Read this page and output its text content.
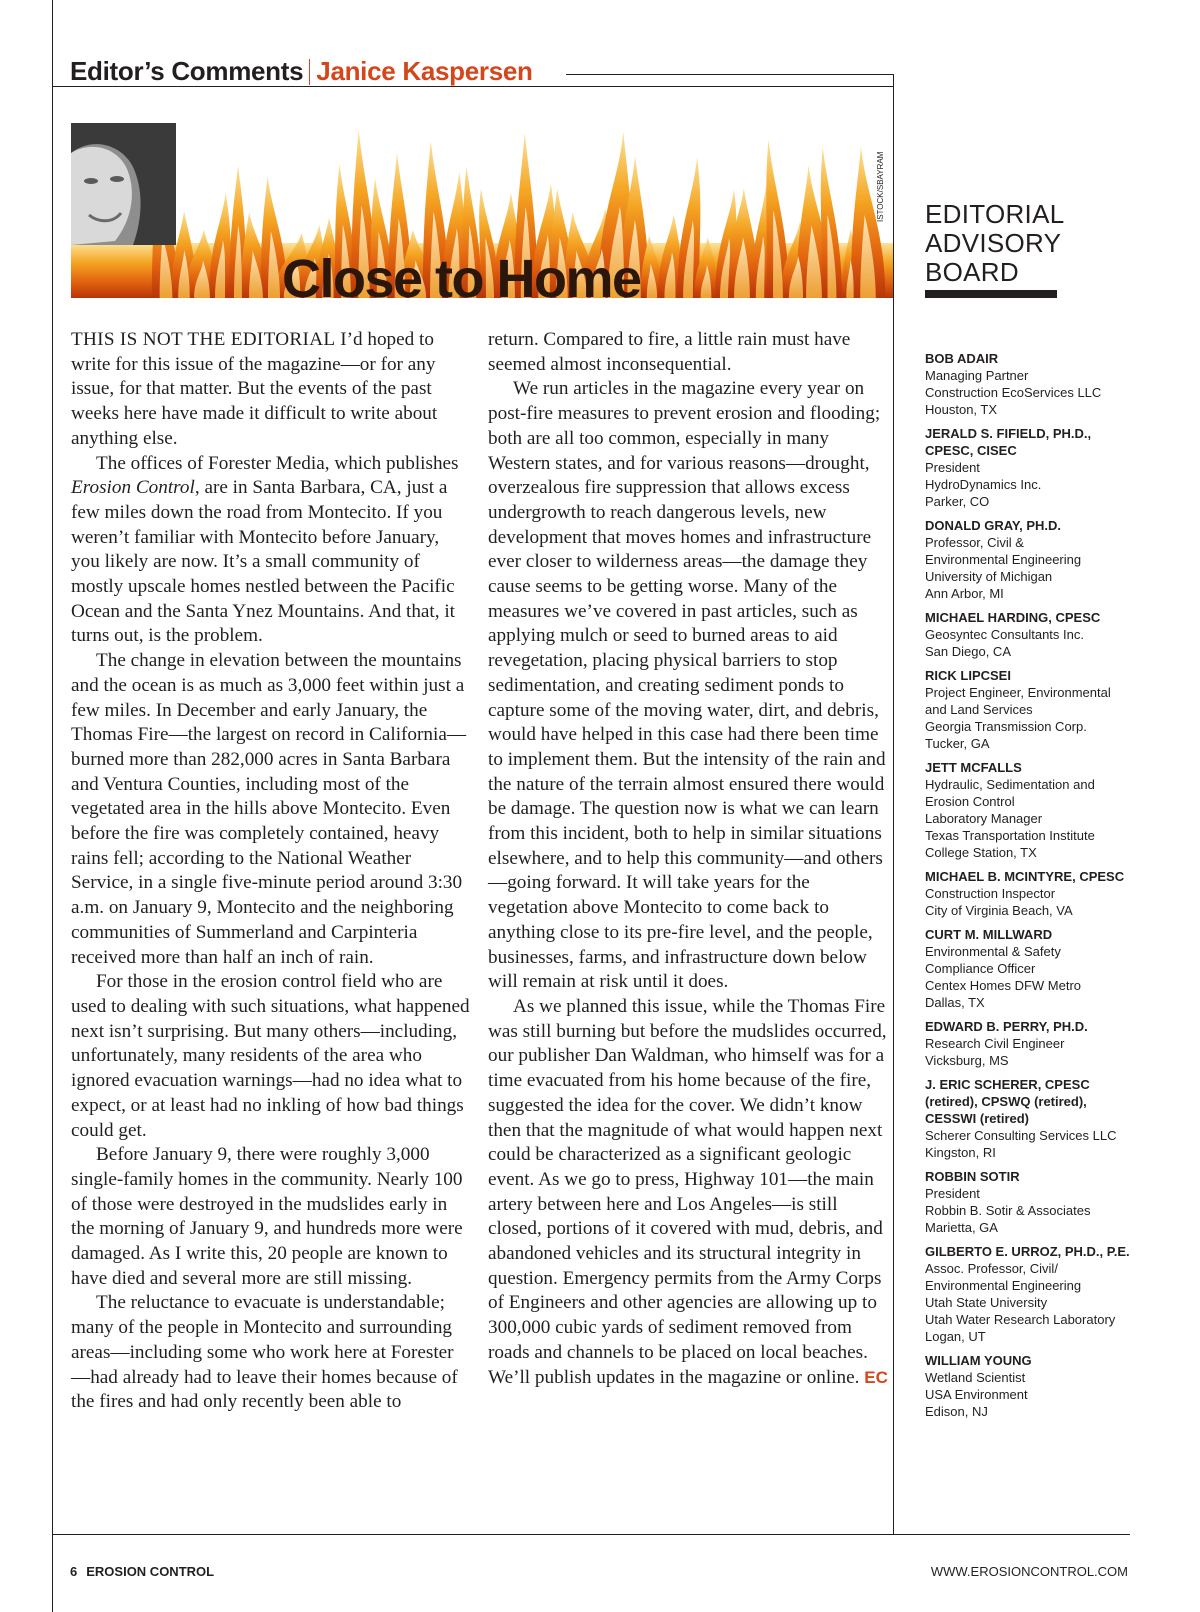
Editor’s Comments Janice Kaspersen
ISTOCK/SBAYRAM
Close to Home

THIS IS NOT THE EDITORIAL I’d hoped to write for this issue of the magazine—or for any issue, for that matter. But the events of the past weeks here have made it difficult to write about anything else.

The offices of Forester Media, which publishes Erosion Control, are in Santa Barbara, CA, just a few miles down the road from Montecito. If you weren’t familiar with Montecito before January, you likely are now. It’s a small community of mostly upscale homes nestled between the Pacific Ocean and the Santa Ynez Mountains. And that, it turns out, is the problem.

The change in elevation between the mountains and the ocean is as much as 3,000 feet within just a few miles. In December and early January, the Thomas Fire—the largest on record in California—burned more than 282,000 acres in Santa Barbara and Ventura Counties, including most of the vegetated area in the hills above Montecito. Even before the fire was completely contained, heavy rains fell; according to the National Weather Service, in a single five-minute period around 3:30 a.m. on January 9, Montecito and the neighboring communities of Summerland and Carpinteria received more than half an inch of rain.

For those in the erosion control field who are used to dealing with such situations, what happened next isn’t surprising. But many others—including, unfortunately, many residents of the area who ignored evacuation warnings—had no idea what to expect, or at least had no inkling of how bad things could get.

Before January 9, there were roughly 3,000 single-family homes in the community. Nearly 100 of those were destroyed in the mudslides early in the morning of January 9, and hundreds more were damaged. As I write this, 20 people are known to have died and several more are still missing.

The reluctance to evacuate is understandable; many of the people in Montecito and surrounding areas—including some who work here at Forester—had already had to leave their homes because of the fires and had only recently been able to

return. Compared to fire, a little rain must have seemed almost inconsequential.

We run articles in the magazine every year on post-fire measures to prevent erosion and flooding; both are all too common, especially in many Western states, and for various reasons—drought, overzealous fire suppression that allows excess undergrowth to reach dangerous levels, new development that moves homes and infrastructure ever closer to wilderness areas—the damage they cause seems to be getting worse. Many of the measures we’ve covered in past articles, such as applying mulch or seed to burned areas to aid revegetation, placing physical barriers to stop sedimentation, and creating sediment ponds to capture some of the moving water, dirt, and debris, would have helped in this case had there been time to implement them. But the intensity of the rain and the nature of the terrain almost ensured there would be damage. The question now is what we can learn from this incident, both to help in similar situations elsewhere, and to help this community—and others—going forward. It will take years for the vegetation above Montecito to come back to anything close to its pre-fire level, and the people, businesses, farms, and infrastructure down below will remain at risk until it does.

As we planned this issue, while the Thomas Fire was still burning but before the mudslides occurred, our publisher Dan Waldman, who himself was for a time evacuated from his home because of the fire, suggested the idea for the cover. We didn’t know then that the magnitude of what would happen next could be characterized as a significant geologic event. As we go to press, Highway 101—the main artery between here and Los Angeles—is still closed, portions of it covered with mud, debris, and abandoned vehicles and its structural integrity in question. Emergency permits from the Army Corps of Engineers and other agencies are allowing up to 300,000 cubic yards of sediment removed from roads and channels to be placed on local beaches. We’ll publish updates in the magazine or online. EC

EDITORIAL
ADVISORY
BOARD
BOB ADAIR
Managing Partner
Construction EcoServices LLC
Houston, TX
JERALD S. FIFIELD, PH.D.,
CPESC, CISEC
President
HydroDynamics Inc.
Parker, CO
DONALD GRAY, PH.D.
Professor, Civil &
Environmental Engineering
University of Michigan
Ann Arbor, MI
MICHAEL HARDING, CPESC
Geosyntec Consultants Inc.
San Diego, CA
RICK LIPCSEI
Project Engineer, Environmental
and Land Services
Georgia Transmission Corp.
Tucker, GA
JETT MCFALLS
Hydraulic, Sedimentation and
Erosion Control
Laboratory Manager
Texas Transportation Institute
College Station, TX
MICHAEL B. MCINTYRE, CPESC
Construction Inspector
City of Virginia Beach, VA
CURT M. MILLWARD
Environmental & Safety
Compliance Officer
Centex Homes DFW Metro
Dallas, TX
EDWARD B. PERRY, PH.D.
Research Civil Engineer
Vicksburg, MS
J. ERIC SCHERER, CPESC
(retired), CPSWQ (retired),
CESSWI (retired)
Scherer Consulting Services LLC
Kingston, RI
ROBBIN SOTIR
President
Robbin B. Sotir & Associates
Marietta, GA
GILBERTO E. URROZ, PH.D., P.E.
Assoc. Professor, Civil/
Environmental Engineering
Utah State University
Utah Water Research Laboratory
Logan, UT
WILLIAM YOUNG
Wetland Scientist
USA Environment
Edison, NJ
6 EROSION CONTROL	WWW.EROSIONCONTROL.COM
